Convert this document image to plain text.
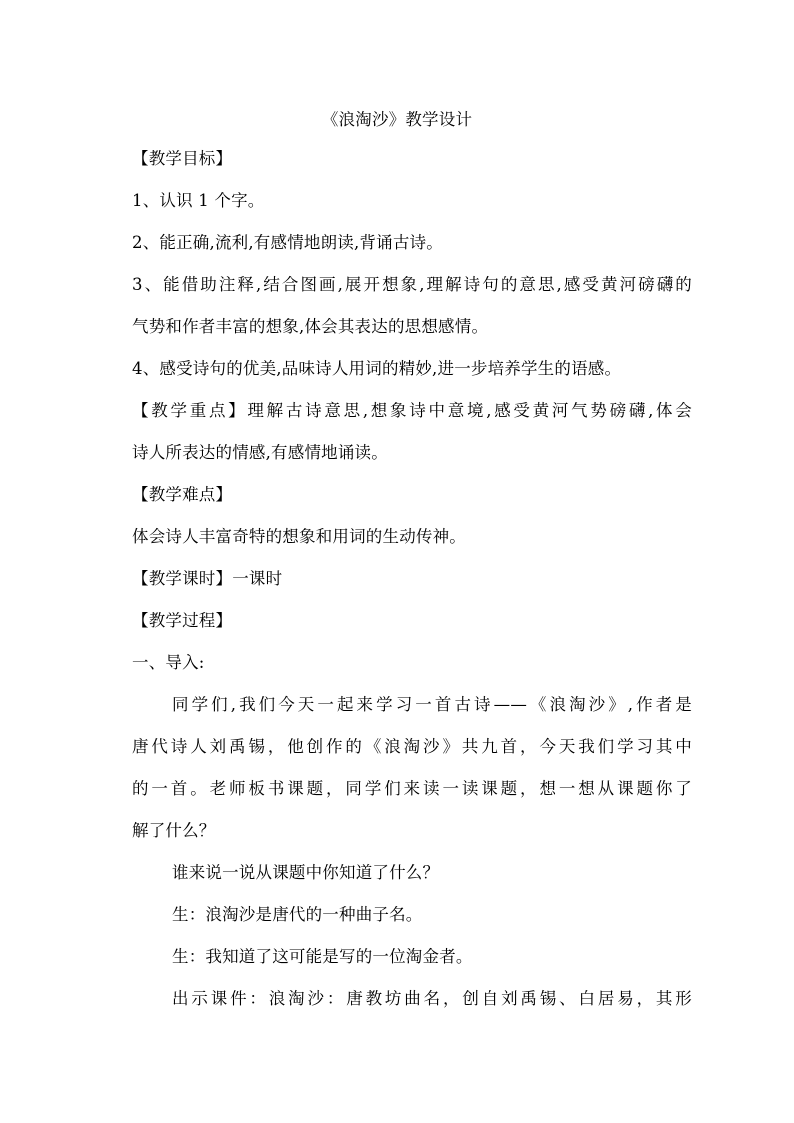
《浪淘沙》教学设计
【教学目标】
1、认识 1 个字。
2、能正确,流利,有感情地朗读,背诵古诗。
3、能借助注释,结合图画,展开想象,理解诗句的意思,感受黄河磅礴的
气势和作者丰富的想象,体会其表达的思想感情。
4、感受诗句的优美,品味诗人用词的精妙,进一步培养学生的语感。
【教学重点】理解古诗意思,想象诗中意境,感受黄河气势磅礴,体会
诗人所表达的情感,有感情地诵读。
【教学难点】
体会诗人丰富奇特的想象和用词的生动传神。
【教学课时】一课时
【教学过程】
一、导入:
同学们,我们今天一起来学习一首古诗——《浪淘沙》,作者是
唐代诗人刘禹锡，他创作的《浪淘沙》共九首，今天我们学习其中
的一首。老师板书课题，同学们来读一读课题，想一想从课题你了
解了什么？
谁来说一说从课题中你知道了什么？
生：浪淘沙是唐代的一种曲子名。
生：我知道了这可能是写的一位淘金者。
出示课件：浪淘沙：唐教坊曲名，创自刘禹锡、白居易，其形
